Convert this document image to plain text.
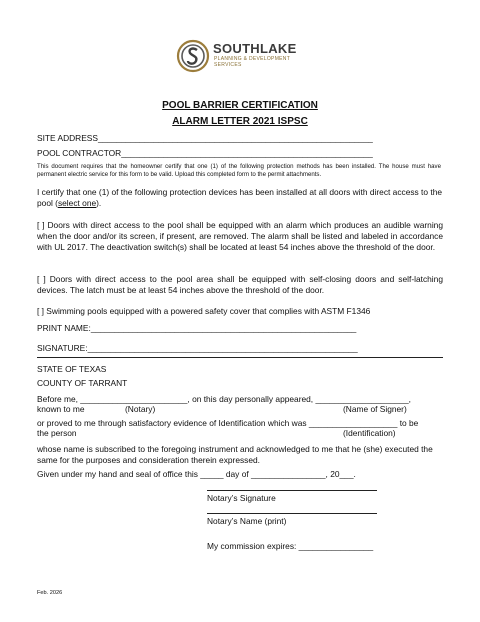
SOUTHLAKE
PLANNING & DEVELOPMENT
SERVICES
POOL BARRIER CERTIFICATION
ALARM LETTER 2021 ISPSC
SITE ADDRESS___________________________________________________________
POOL CONTRACTOR______________________________________________________
This document requires that the homeowner certify that one (1) of the following protection methods has been installed. The house must have permanent electric service for this form to be valid. Upload this completed form to the permit attachments.
I certify that one (1) of the following protection devices has been installed at all doors with direct access to the pool (select one).
[ ] Doors with direct access to the pool shall be equipped with an alarm which produces an audible warning when the door and/or its screen, if present, are removed. The alarm shall be listed and labeled in accordance with UL 2017. The deactivation switch(s) shall be located at least 54 inches above the threshold of the door.
[ ] Doors with direct access to the pool area shall be equipped with self-closing doors and self-latching devices. The latch must be at least 54 inches above the threshold of the door.
[ ] Swimming pools equipped with a powered safety cover that complies with ASTM F1346
PRINT NAME:_________________________________________________________
SIGNATURE:__________________________________________________________
STATE OF TEXAS
COUNTY OF TARRANT
Before me, _______________________, on this day personally appeared, ____________________,
known to me	(Notary)	(Name of Signer)
or proved to me through satisfactory evidence of Identification which was ___________________ to be
the person	(Identification)
whose name is subscribed to the foregoing instrument and acknowledged to me that he (she) executed the same for the purposes and consideration therein expressed.
Given under my hand and seal of office this _____ day of ________________, 20___.
Notary’s Signature
Notary’s Name (print)
My commission expires: ________________
Feb. 2026
